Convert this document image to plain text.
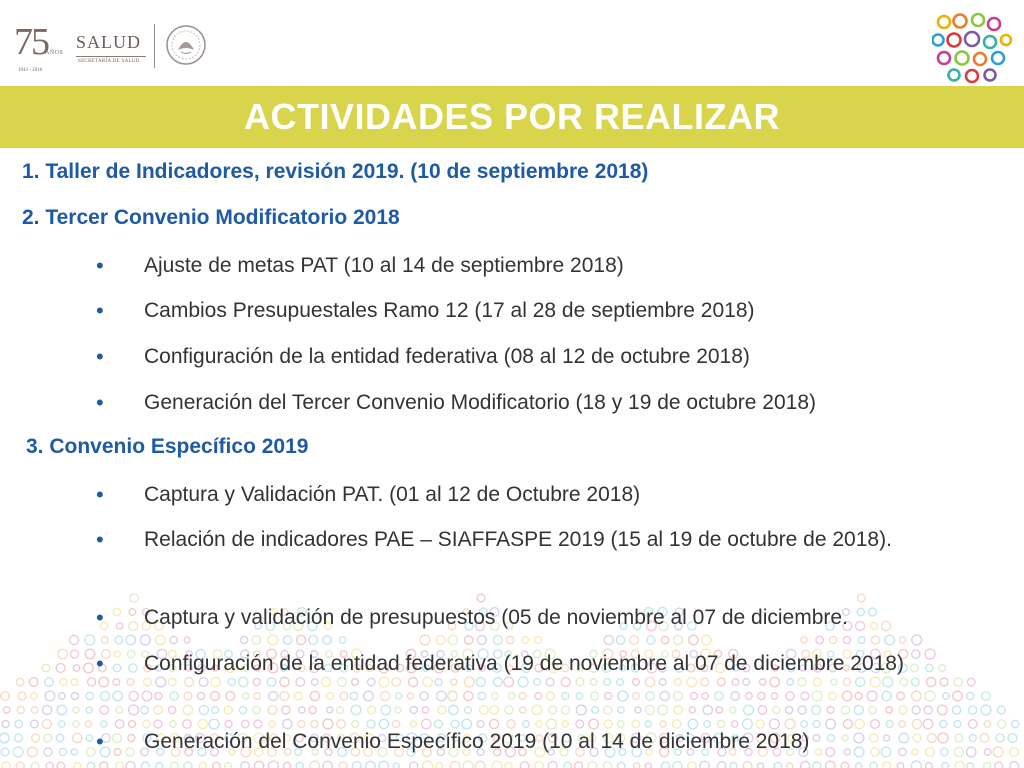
75
AÑOS
1943 - 2018
SALUD
SECRETARÍA DE SALUD
ACTIVIDADES POR REALIZAR
1. Taller de Indicadores, revisión 2019. (10 de septiembre 2018)
2. Tercer Convenio Modificatorio 2018
•	Ajuste de metas PAT (10 al 14 de septiembre 2018)
•	Cambios Presupuestales Ramo 12 (17 al 28 de septiembre 2018)
•	Configuración de la entidad federativa (08 al 12 de octubre 2018)
•	Generación del Tercer Convenio Modificatorio (18 y 19 de octubre 2018)
3. Convenio Específico 2019
•	Captura y Validación PAT. (01 al 12 de Octubre 2018)
•	Relación de indicadores PAE – SIAFFASPE 2019 (15 al 19 de octubre de 2018).
•	Captura y validación de presupuestos (05 de noviembre al 07 de diciembre.
•	Configuración de la entidad federativa (19 de noviembre al 07 de diciembre 2018)
•	Generación del Convenio Específico 2019 (10 al 14 de diciembre 2018)
